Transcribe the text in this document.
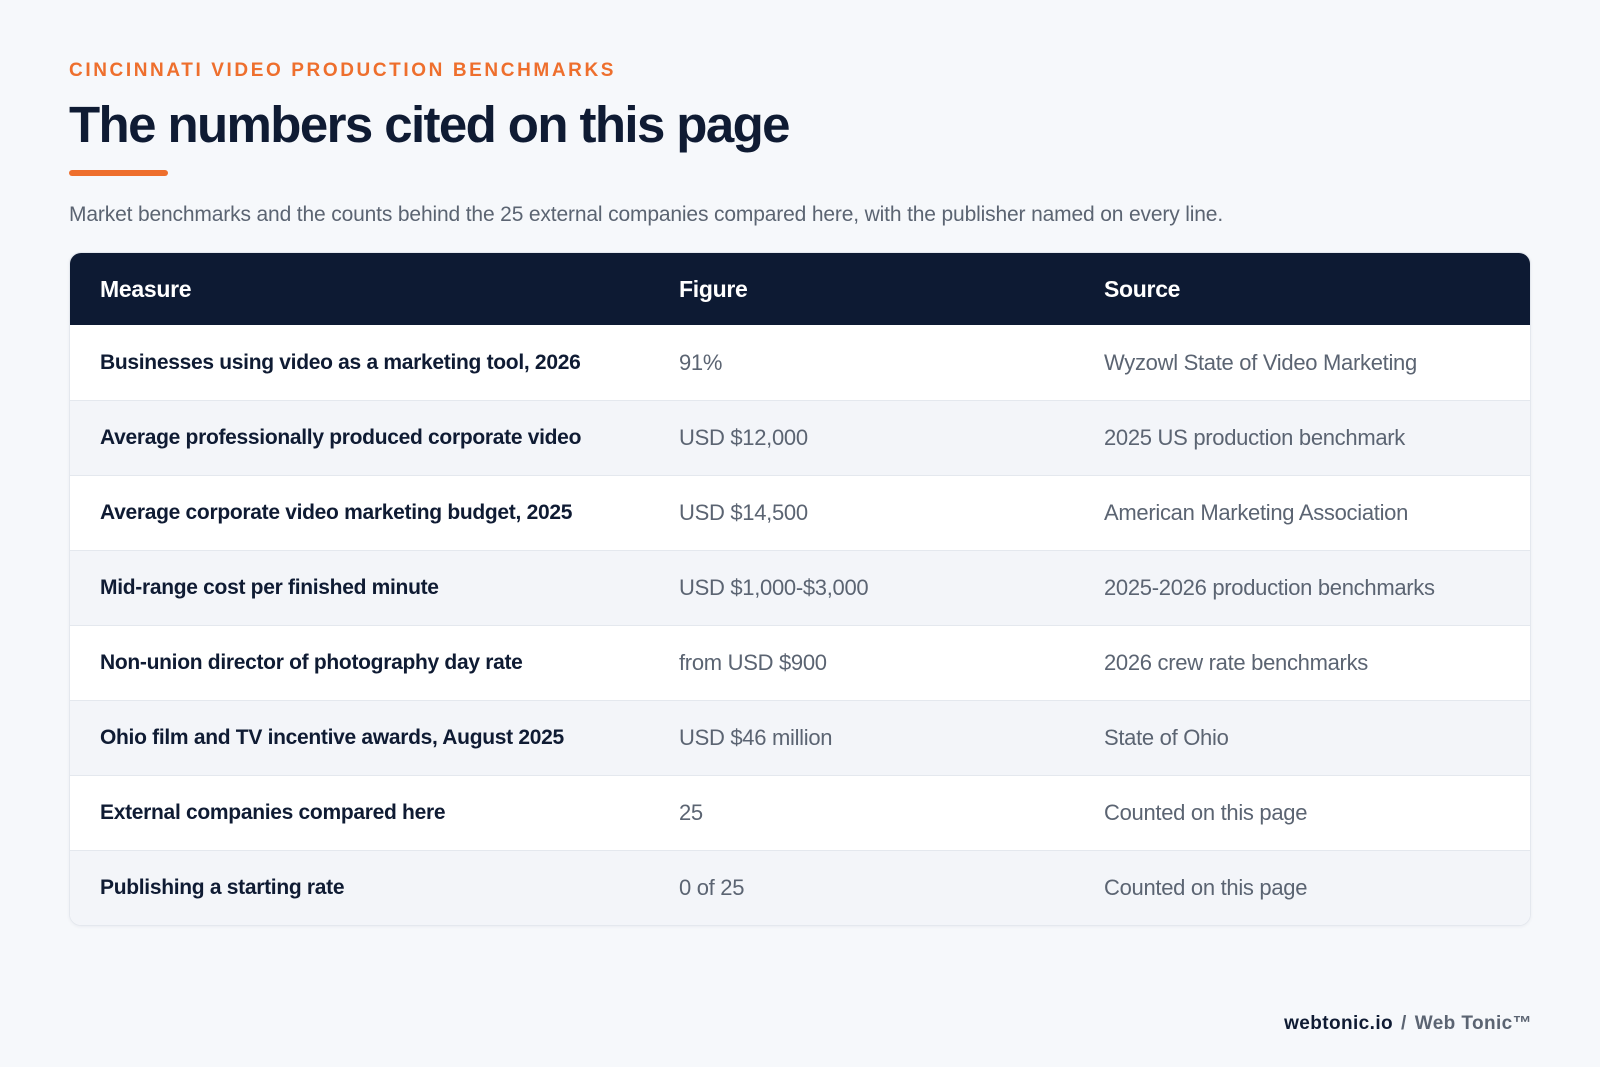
CINCINNATI VIDEO PRODUCTION BENCHMARKS
The numbers cited on this page

Market benchmarks and the counts behind the 25 external companies compared here, with the publisher named on every line.

Measure	Figure	Source
Businesses using video as a marketing tool, 2026	91%	Wyzowl State of Video Marketing
Average professionally produced corporate video	USD $12,000	2025 US production benchmark
Average corporate video marketing budget, 2025	USD $14,500	American Marketing Association
Mid-range cost per finished minute	USD $1,000-$3,000	2025-2026 production benchmarks
Non-union director of photography day rate	from USD $900	2026 crew rate benchmarks
Ohio film and TV incentive awards, August 2025	USD $46 million	State of Ohio
External companies compared here	25	Counted on this page
Publishing a starting rate	0 of 25	Counted on this page
webtonic.io / Web Tonic™
